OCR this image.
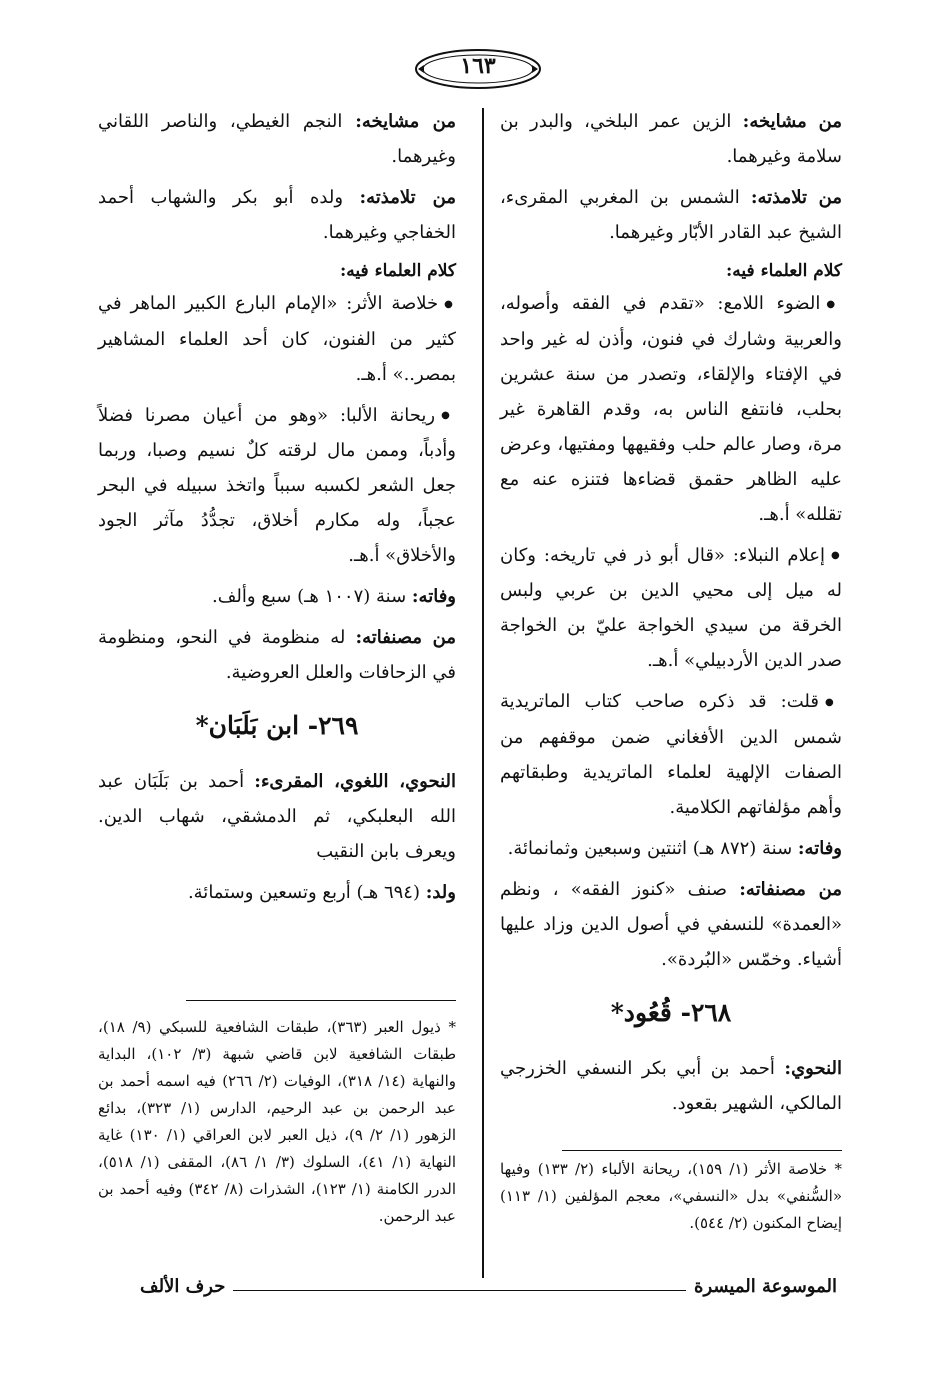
١٦٣

من مشايخه: الزين عمر البلخي، والبدر بن سلامة وغيرهما.

من تلامذته: الشمس بن المغربي المقرىء، الشيخ عبد القادر الأبّار وغيرهما.

كلام العلماء فيه:

● الضوء اللامع: «تقدم في الفقه وأصوله، والعربية وشارك في فنون، وأذن له غير واحد في الإفتاء والإلقاء، وتصدر من سنة عشرين بحلب، فانتفع الناس به، وقدم القاهرة غير مرة، وصار عالم حلب وفقيهها ومفتيها، وعرض عليه الظاهر حقمق قضاءها فتنزه عنه مع تقلله» أ.هـ.

● إعلام النبلاء: «قال أبو ذر في تاريخه: وكان له ميل إلى محيي الدين بن عربي ولبس الخرقة من سيدي الخواجة عليّ بن الخواجة صدر الدين الأردبيلي» أ.هـ.

● قلت: قد ذكره صاحب كتاب الماتريدية شمس الدين الأفغاني ضمن موقفهم من الصفات الإلهية لعلماء الماتريدية وطبقاتهم وأهم مؤلفاتهم الكلامية.

وفاته: سنة (٨٧٢ هـ) اثنتين وسبعين وثمانمائة.

من مصنفاته: صنف «كنوز الفقه» ، ونظم «العمدة» للنسفي في أصول الدين وزاد عليها أشياء. وخمّس «البُردة».

٢٦٨- قُعُود*

النحوي: أحمد بن أبي بكر النسفي الخزرجي المالكي، الشهير بقعود.

من مشايخه: النجم الغيطي، والناصر اللقاني وغيرهما.

من تلامذته: ولده أبو بكر والشهاب أحمد الخفاجي وغيرهما.

كلام العلماء فيه:

● خلاصة الأثر: «الإمام البارع الكبير الماهر في كثير من الفنون، كان أحد العلماء المشاهير بمصر..» أ.هـ.

● ريحانة الألبا: «وهو من أعيان مصرنا فضلاً وأدباً، وممن مال لرقته كلٌ نسيم وصبا، وربما جعل الشعر لكسبه سبباً واتخذ سبيله في البحر عجباً، وله مكارم أخلاق، تجدُّدُ مآثر الجود والأخلاق» أ.هـ.

وفاته: سنة (١٠٠٧ هـ) سبع وألف.

من مصنفاته: له منظومة في النحو، ومنظومة في الزحافات والعلل العروضية.

٢٦٩- ابن بَلَبَان*

النحوي، اللغوي، المقرىء: أحمد بن بَلَبَان عبد الله البعلبكي، ثم الدمشقي، شهاب الدين. ويعرف بابن النقيب

ولد: (٦٩٤ هـ) أربع وتسعين وستمائة.

* خلاصة الأثر (١/ ١٥٩)، ريحانة الألباء (٢/ ١٣٣) وفيها «السُّنفي» بدل «النسفي»، معجم المؤلفين (١/ ١١٣) إيضاح المكنون (٢/ ٥٤٤).

* ذيول العبر (٣٦٣)، طبقات الشافعية للسبكي (٩/ ١٨)، طبقات الشافعية لابن قاضي شبهة (٣/ ١٠٢)، البداية والنهاية (١٤/ ٣١٨)، الوفيات (٢/ ٢٦٦) فيه اسمه أحمد بن عبد الرحمن بن عبد الرحيم، الدارس (١/ ٣٢٣)، بدائع الزهور (١/ ٢/ ٩)، ذيل العبر لابن العراقي (١/ ١٣٠) غاية النهاية (١/ ٤١)، السلوك (٣/ ١/ ٨٦)، المقفى (١/ ٥١٨)، الدرر الكامنة (١/ ١٢٣)، الشذرات (٨/ ٣٤٢) وفيه أحمد بن عبد الرحمن.

الموسوعة الميسرة
حرف الألف
